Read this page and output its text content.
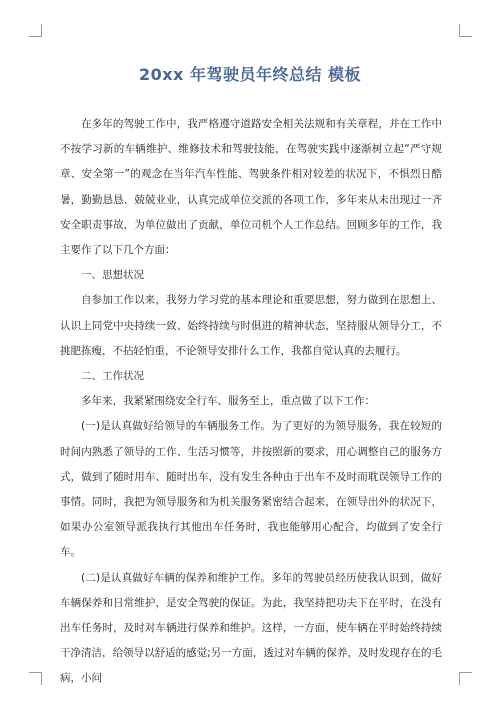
20xx 年驾驶员年终总结 模板

在多年的驾驶工作中，我严格遵守道路安全相关法规和有关章程，并在工作中不按学习新的车辆维护、维修技术和驾驶技能，在驾驶实践中逐渐树立起“严守规章、安全第一”的观念在当年汽车性能、驾驶条件相对较差的状况下，不惧烈日酷暑，勤勤恳恳、兢兢业业，认真完成单位交派的各项工作，多年来从未出现过一齐安全职责事故，为单位做出了贡献，单位司机个人工作总结。回顾多年的工作，我主要作了以下几个方面：

一、思想状况

自参加工作以来，我努力学习党的基本理论和重要思想，努力做到在思想上、认识上同党中央持续一致、始终持续与时俱进的精神状态，坚持服从领导分工，不挑肥拣瘦，不拈轻怕重，不论领导安排什么工作，我都自觉认真的去履行。

二、工作状况

多年来，我紧紧围绕安全行车、服务至上，重点做了以下工作：

(一)是认真做好给领导的车辆服务工作。为了更好的为领导服务，我在较短的时间内熟悉了领导的工作、生活习惯等，并按照新的要求，用心调整自己的服务方式，做到了随时用车、随时出车，没有发生各种由于出车不及时而耽误领导工作的事情。同时，我把为领导服务和为机关服务紧密结合起来，在领导出外的状况下，如果办公室领导派我执行其他出车任务时，我也能够用心配合，均做到了安全行车。

(二)是认真做好车辆的保养和维护工作。多年的驾驶员经历使我认识到，做好车辆保养和日常维护，是安全驾驶的保证。为此，我坚持把功夫下在平时，在没有出车任务时，及时对车辆进行保养和维护。这样，一方面，使车辆在平时始终持续干净清洁，给领导以舒适的感觉;另一方面，透过对车辆的保养，及时发现存在的毛病，小问
